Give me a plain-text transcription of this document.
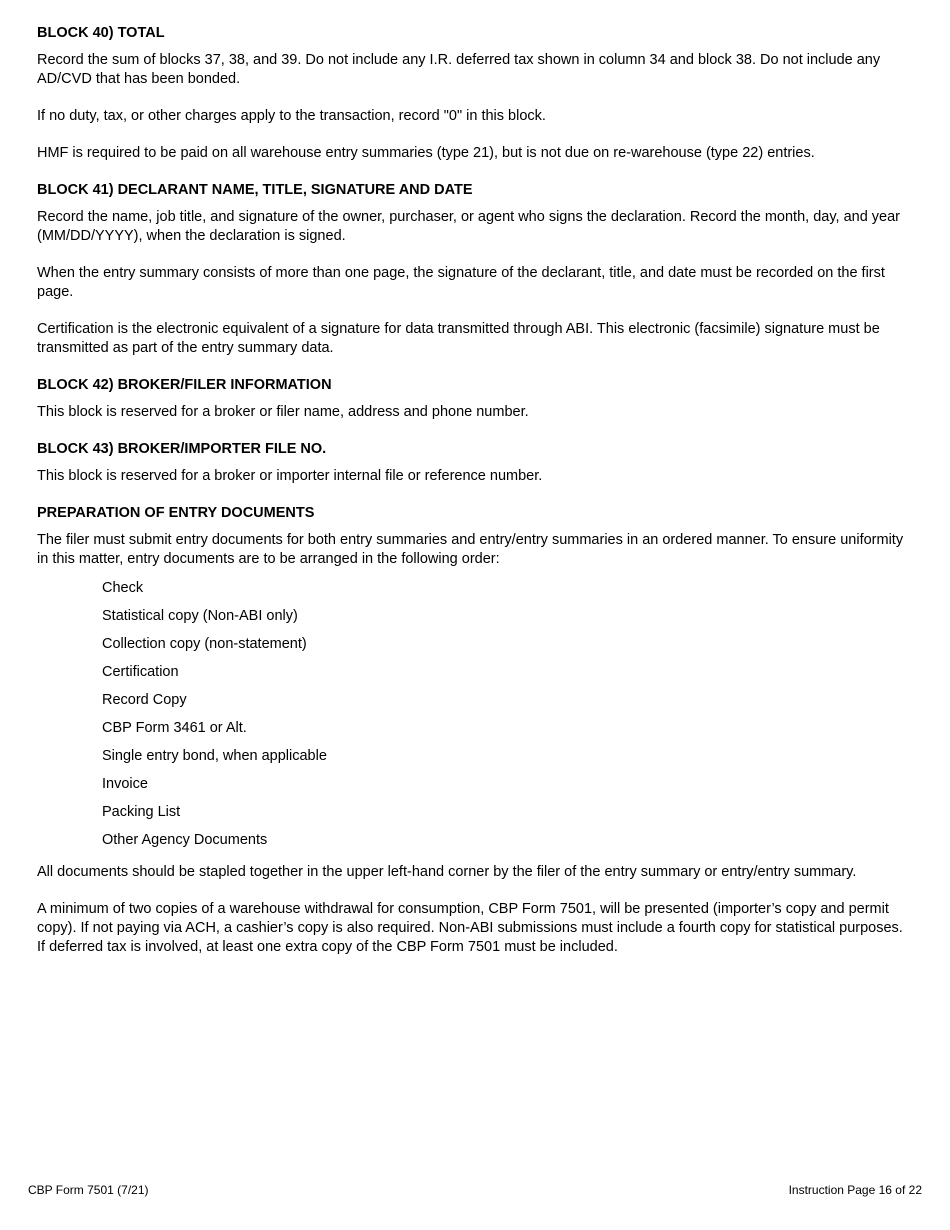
BLOCK 40) TOTAL

Record the sum of blocks 37, 38, and 39. Do not include any I.R. deferred tax shown in column 34 and block 38. Do not include any AD/CVD that has been bonded.

If no duty, tax, or other charges apply to the transaction, record "0" in this block.

HMF is required to be paid on all warehouse entry summaries (type 21), but is not due on re-warehouse (type 22) entries.

BLOCK 41) DECLARANT NAME, TITLE, SIGNATURE AND DATE

Record the name, job title, and signature of the owner, purchaser, or agent who signs the declaration. Record the month, day, and year (MM/DD/YYYY), when the declaration is signed.

When the entry summary consists of more than one page, the signature of the declarant, title, and date must be recorded on the first page.

Certification is the electronic equivalent of a signature for data transmitted through ABI. This electronic (facsimile) signature must be transmitted as part of the entry summary data.

BLOCK 42) BROKER/FILER INFORMATION

This block is reserved for a broker or filer name, address and phone number.

BLOCK 43) BROKER/IMPORTER FILE NO.

This block is reserved for a broker or importer internal file or reference number.

PREPARATION OF ENTRY DOCUMENTS

The filer must submit entry documents for both entry summaries and entry/entry summaries in an ordered manner. To ensure uniformity in this matter, entry documents are to be arranged in the following order:

Check
Statistical copy (Non-ABI only)
Collection copy (non-statement)
Certification
Record Copy
CBP Form 3461 or Alt.
Single entry bond, when applicable
Invoice
Packing List
Other Agency Documents

All documents should be stapled together in the upper left-hand corner by the filer of the entry summary or entry/entry summary.

A minimum of two copies of a warehouse withdrawal for consumption, CBP Form 7501, will be presented (importer’s copy and permit copy). If not paying via ACH, a cashier’s copy is also required. Non-ABI submissions must include a fourth copy for statistical purposes. If deferred tax is involved, at least one extra copy of the CBP Form 7501 must be included.

CBP Form 7501 (7/21)	Instruction Page 16 of 22
